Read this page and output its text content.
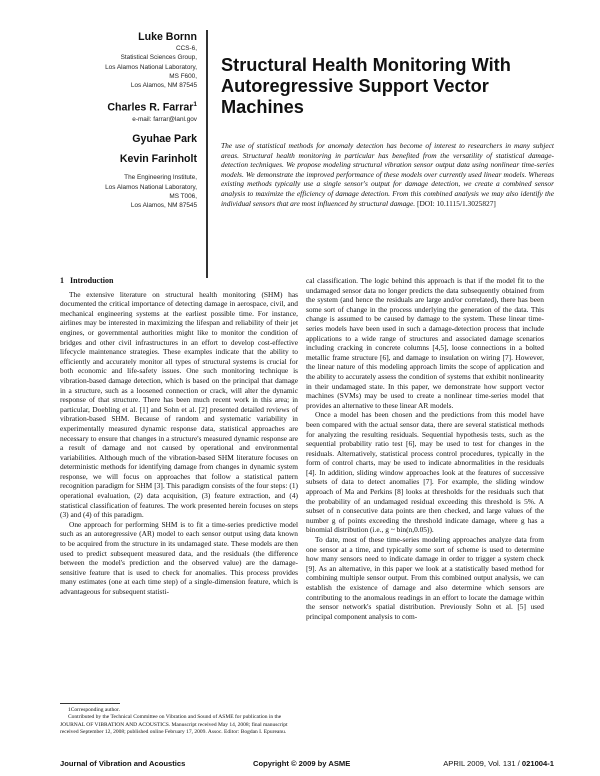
Luke Bornn
CCS-6,
Statistical Sciences Group,
Los Alamos National Laboratory,
MS F600,
Los Alamos, NM 87545
Charles R. Farrar$^1$
e-mail: farrar@lanl.gov
Gyuhae Park
Kevin Farinholt
The Engineering Institute,
Los Alamos National Laboratory,
MS T006,
Los Alamos, NM 87545
Structural Health Monitoring With Autoregressive Support Vector Machines
The use of statistical methods for anomaly detection has become of interest to researchers in many subject areas. Structural health monitoring in particular has benefited from the versatility of statistical damage-detection techniques. We propose modeling structural vibration sensor output data using nonlinear time-series models. We demonstrate the improved performance of these models over currently used linear models. Whereas existing methods typically use a single sensor's output for damage detection, we create a combined sensor analysis to maximize the efficiency of damage detection. From this combined analysis we may also identify the individual sensors that are most influenced by structural damage. [DOI: 10.1115/1.3025827]
1 Introduction

The extensive literature on structural health monitoring (SHM) has documented the critical importance of detecting damage in aerospace, civil, and mechanical engineering systems at the earliest possible time. For instance, airlines may be interested in maximizing the lifespan and reliability of their jet engines, or governmental authorities might like to monitor the condition of bridges and other civil infrastructures in an effort to develop cost-effective lifecycle maintenance strategies. These examples indicate that the ability to efficiently and accurately monitor all types of structural systems is crucial for both economic and life-safety issues. One such monitoring technique is vibration-based damage detection, which is based on the principal that damage in a structure, such as a loosened connection or crack, will alter the dynamic response of that structure. There has been much recent work in this area; in particular, Doebling et al. [1] and Sohn et al. [2] presented detailed reviews of vibration-based SHM. Because of random and systematic variability in experimentally measured dynamic response data, statistical approaches are necessary to ensure that changes in a structure's measured dynamic response are a result of damage and not caused by operational and environmental variabilities. Although much of the vibration-based SHM literature focuses on deterministic methods for identifying damage from changes in dynamic system response, we will focus on approaches that follow a statistical pattern recognition paradigm for SHM [3]. This paradigm consists of the four steps: (1) operational evaluation, (2) data acquisition, (3) feature extraction, and (4) statistical classification of features. The work presented herein focuses on steps (3) and (4) of this paradigm.

One approach for performing SHM is to fit a time-series predictive model such as an autoregressive (AR) model to each sensor output using data known to be acquired from the structure in its undamaged state. These models are then used to predict subsequent measured data, and the residuals (the difference between the model's prediction and the observed value) are the damage-sensitive feature that is used to check for anomalies. This process provides many estimates (one at each time step) of a single-dimension feature, which is advantageous for subsequent statisti-

cal classification. The logic behind this approach is that if the model fit to the undamaged sensor data no longer predicts the data subsequently obtained from the system (and hence the residuals are large and/or correlated), there has been some sort of change in the process underlying the generation of the data. This change is assumed to be caused by damage to the system. These linear time-series models have been used in such a damage-detection process that include applications to a wide range of structures and associated damage scenarios including cracking in concrete columns [4,5], loose connections in a bolted metallic frame structure [6], and damage to insulation on wiring [7]. However, the linear nature of this modeling approach limits the scope of application and the ability to accurately assess the condition of systems that exhibit nonlinearity in their undamaged state. In this paper, we demonstrate how support vector machines (SVMs) may be used to create a nonlinear time-series model that provides an alternative to these linear AR models.

Once a model has been chosen and the predictions from this model have been compared with the actual sensor data, there are several statistical methods for analyzing the resulting residuals. Sequential hypothesis tests, such as the sequential probability ratio test [6], may be used to test for changes in the residuals. Alternatively, statistical process control procedures, typically in the form of control charts, may be used to indicate abnormalities in the residuals [4]. In addition, sliding window approaches look at the features of successive subsets of data to detect anomalies [7]. For example, the sliding window approach of Ma and Perkins [8] looks at thresholds for the residuals such that the probability of an undamaged residual exceeding this threshold is 5%. A subset of n consecutive data points are then checked, and large values of the number g of points exceeding the threshold indicate damage, where g has a binomial distribution (i.e., g ~ bin(n,0.05)).

To date, most of these time-series modeling approaches analyze data from one sensor at a time, and typically some sort of scheme is used to determine how many sensors need to indicate damage in order to trigger a system check [9]. As an alternative, in this paper we look at a statistically based method for combining multiple sensor output. From this combined output analysis, we can establish the existence of damage and also determine which sensors are contributing to the anomalous readings in an effort to locate the damage within the sensor network's spatial distribution. Previously Sohn et al. [5] used principal component analysis to com-

1Corresponding author.

Contributed by the Technical Committee on Vibration and Sound of ASME for publication in the JOURNAL OF VIBRATION AND ACOUSTICS. Manuscript received May 14, 2008; final manuscript received September 12, 2008; published online February 17, 2009. Assoc. Editor: Bogdan I. Epureanu.

Journal of Vibration and Acoustics	Copyright © 2009 by ASME	APRIL 2009, Vol. 131 / 021004-1
